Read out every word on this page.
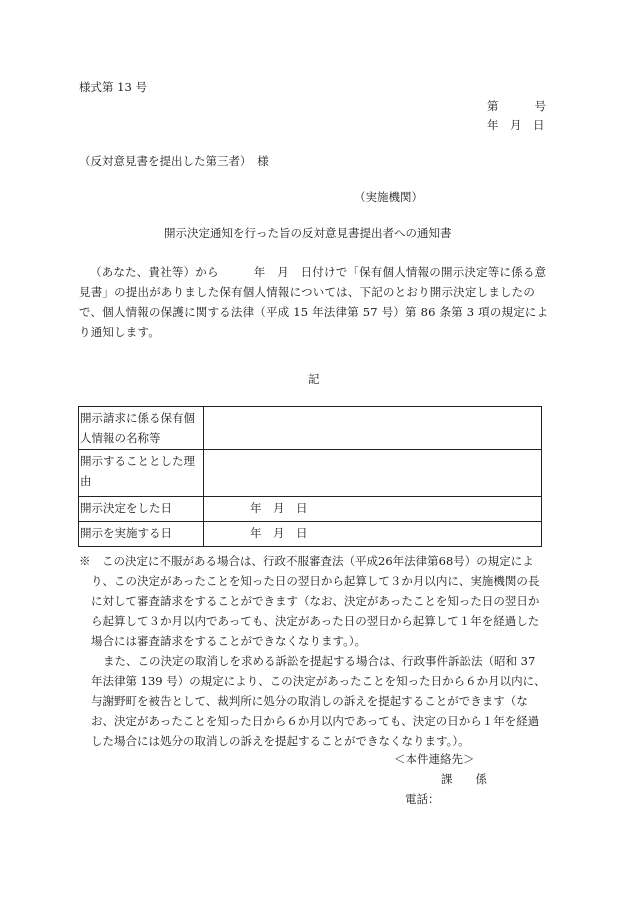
様式第 13 号
第	号
年　月　日
（反対意見書を提出した第三者）　様
（実施機関）
開示決定通知を行った旨の反対意見書提出者への通知書
（あなた、貴社等）から　　　年　月　日付けで「保有個人情報の開示決定等に係る意見書」の提出がありました保有個人情報については、下記のとおり開示決定しましたので、個人情報の保護に関する法律（平成 15 年法律第 57 号）第 86 条第 3 項の規定により通知します。
記
開示請求に係る保有個人情報の名称等	
開示することとした理由	
開示決定をした日	年　月　日
開示を実施する日	年　月　日
※　この決定に不服がある場合は、行政不服審査法（平成26年法律第68号）の規定により、この決定があったことを知った日の翌日から起算して３か月以内に、実施機関の長に対して審査請求をすることができます（なお、決定があったことを知った日の翌日から起算して３か月以内であっても、決定があった日の翌日から起算して１年を経過した場合には審査請求をすることができなくなります。）。
また、この決定の取消しを求める訴訟を提起する場合は、行政事件訴訟法（昭和 37 年法律第 139 号）の規定により、この決定があったことを知った日から６か月以内に、与謝野町を被告として、裁判所に処分の取消しの訴えを提起することができます（なお、決定があったことを知った日から６か月以内であっても、決定の日から１年を経過した場合には処分の取消しの訴えを提起することができなくなります。）。
＜本件連絡先＞
課　　係
電話：
